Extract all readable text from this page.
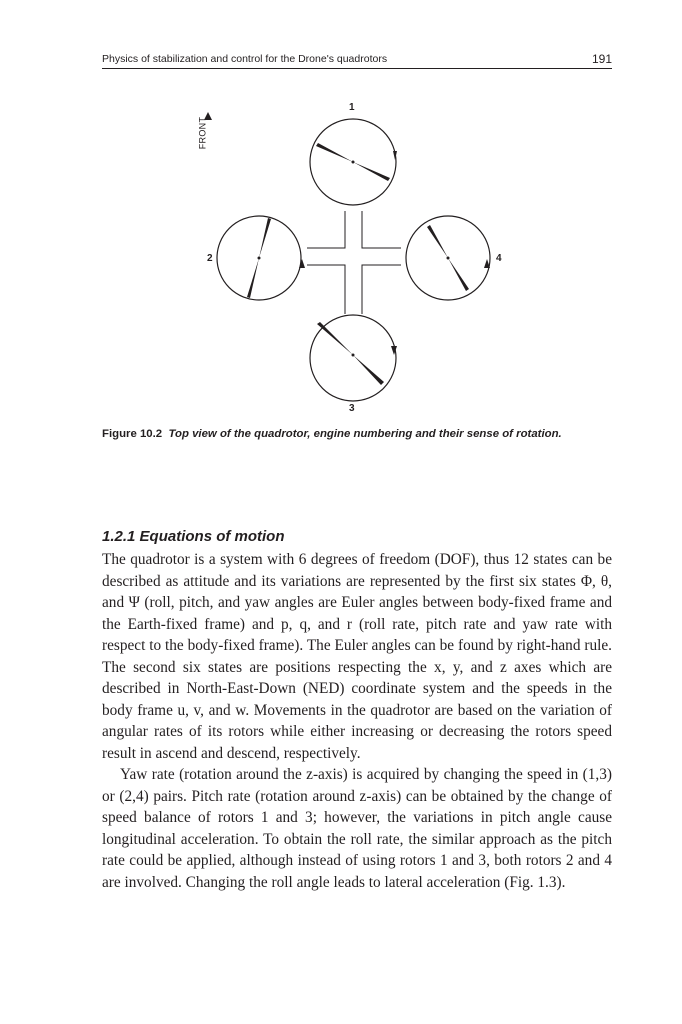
Physics of stabilization and control for the Drone's quadrotors	191
FRONT
1
2
3
4
Figure 10.2 Top view of the quadrotor, engine numbering and their sense of rotation.
1.2.1 Equations of motion

The quadrotor is a system with 6 degrees of freedom (DOF), thus 12 states can be described as attitude and its variations are represented by the first six states Φ, θ, and Ψ (roll, pitch, and yaw angles are Euler angles between body-fixed frame and the Earth-fixed frame) and p, q, and r (roll rate, pitch rate and yaw rate with respect to the body-fixed frame). The Euler angles can be found by right-hand rule. The second six states are positions respecting the x, y, and z axes which are described in North-East-Down (NED) coordinate system and the speeds in the body frame u, v, and w. Movements in the quadrotor are based on the variation of angular rates of its rotors while either increasing or decreasing the rotors speed result in ascend and descend, respectively.

Yaw rate (rotation around the z-axis) is acquired by changing the speed in (1,3) or (2,4) pairs. Pitch rate (rotation around z-axis) can be obtained by the change of speed balance of rotors 1 and 3; however, the variations in pitch angle cause longitudinal acceleration. To obtain the roll rate, the similar approach as the pitch rate could be applied, although instead of using rotors 1 and 3, both rotors 2 and 4 are involved. Changing the roll angle leads to lateral acceleration (Fig. 1.3).
